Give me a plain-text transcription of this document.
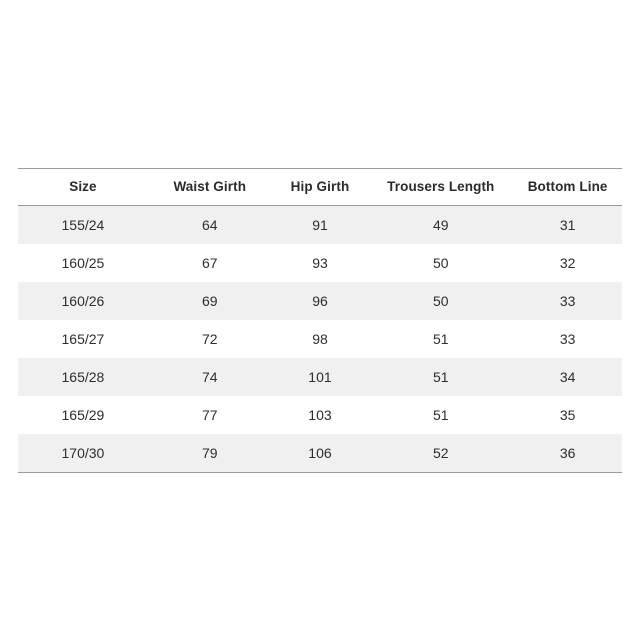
Size	Waist Girth	Hip Girth	Trousers Length	Bottom Line
155/24	64	91	49	31
160/25	67	93	50	32
160/26	69	96	50	33
165/27	72	98	51	33
165/28	74	101	51	34
165/29	77	103	51	35
170/30	79	106	52	36
